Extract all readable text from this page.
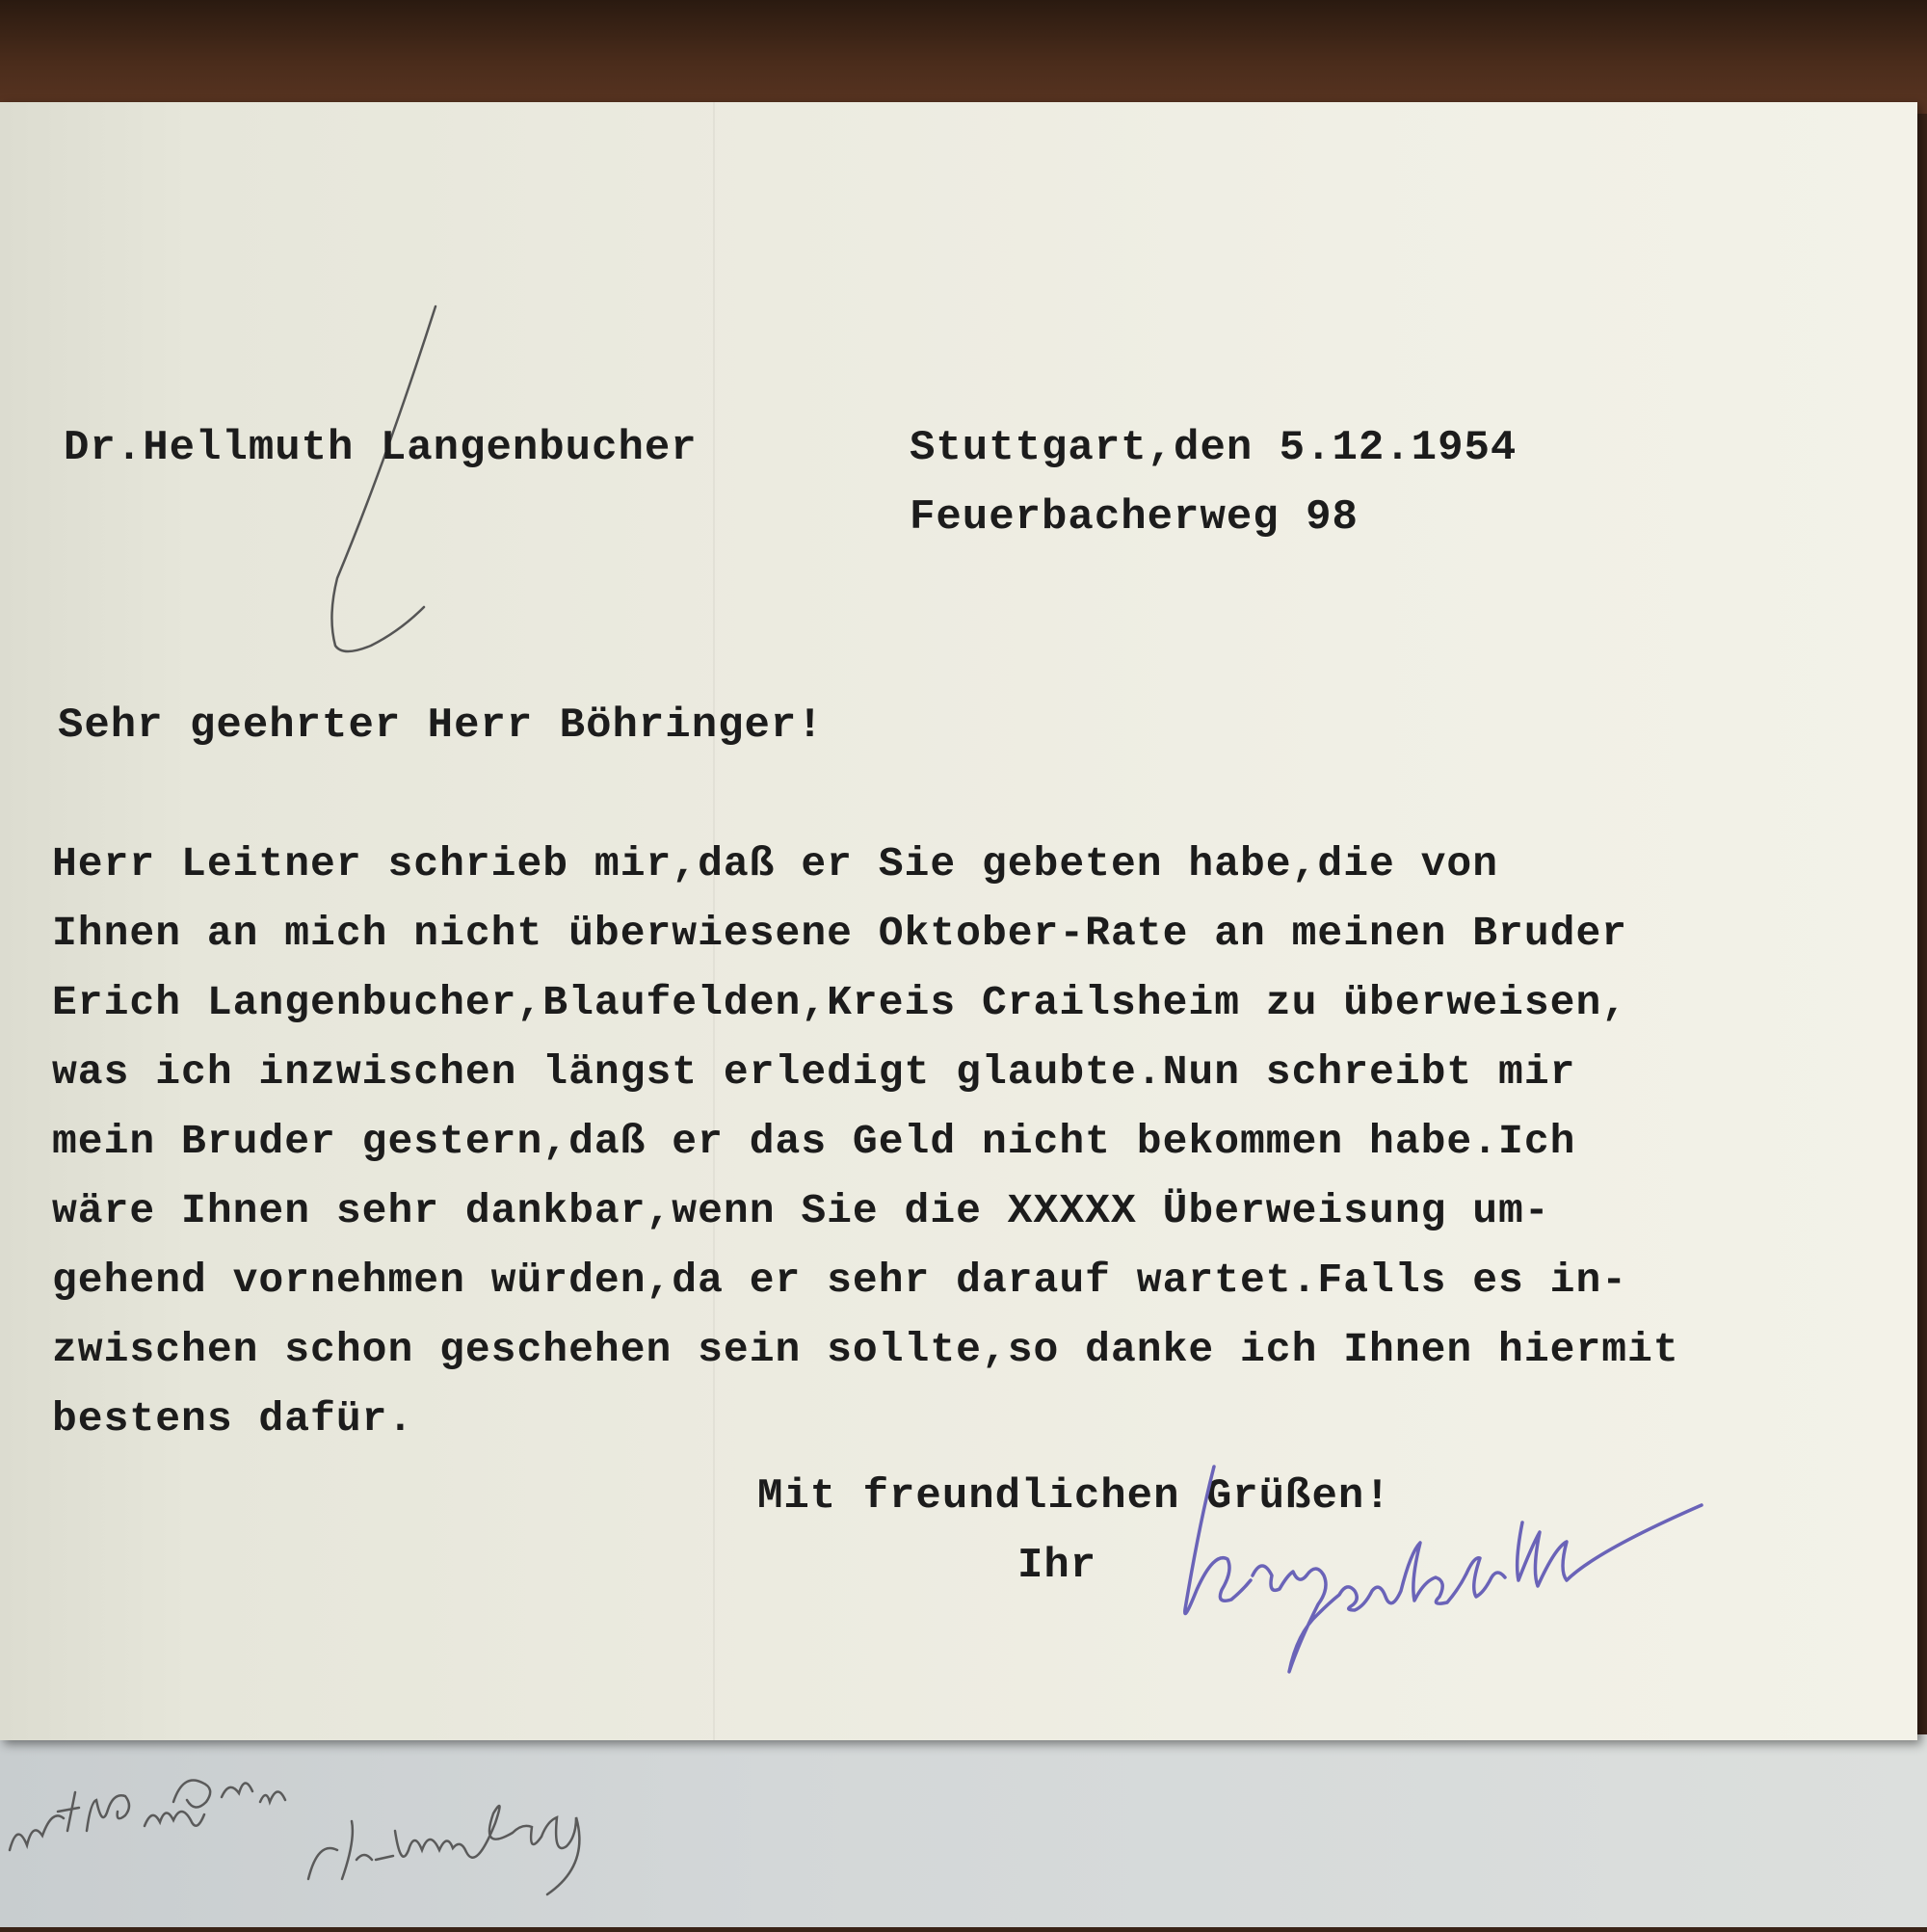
Dr.Hellmuth Langenbucher	Stuttgart,den 5.12.1954
Feuerbacherweg 98
Sehr geehrter Herr Böhringer!
Herr Leitner schrieb mir,daß er Sie gebeten habe,die von
Ihnen an mich nicht überwiesene Oktober-Rate an meinen Bruder
Erich Langenbucher,Blaufelden,Kreis Crailsheim zu überweisen,
was ich inzwischen längst erledigt glaubte.Nun schreibt mir
mein Bruder gestern,daß er das Geld nicht bekommen habe.Ich
wäre Ihnen sehr dankbar,wenn Sie die XXXXX Überweisung um-
gehend vornehmen würden,da er sehr darauf wartet.Falls es in-
zwischen schon geschehen sein sollte,so danke ich Ihnen hiermit
bestens dafür.
Mit freundlichen Grüßen!
Ihr
